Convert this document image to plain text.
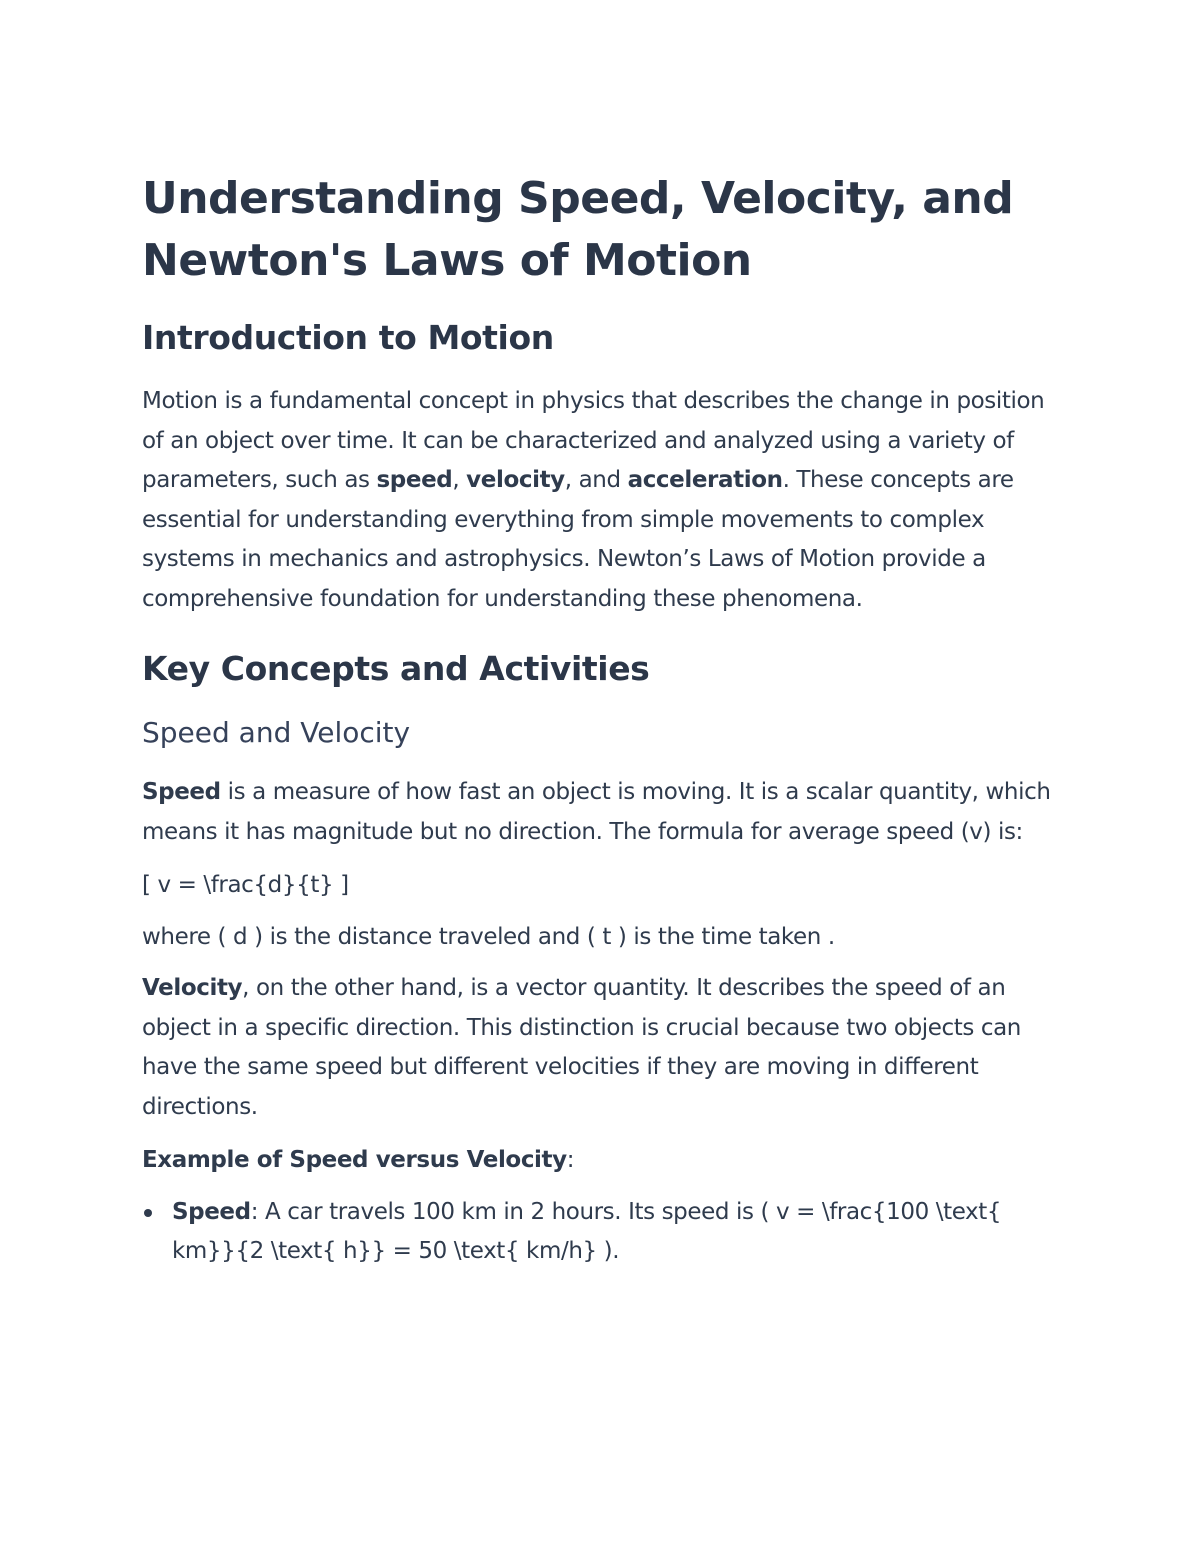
Understanding Speed, Velocity, and Newton's Laws of Motion
Introduction to Motion

Motion is a fundamental concept in physics that describes the change in position of an object over time. It can be characterized and analyzed using a variety of parameters, such as speed, velocity, and acceleration. These concepts are essential for understanding everything from simple movements to complex systems in mechanics and astrophysics. Newton’s Laws of Motion provide a comprehensive foundation for understanding these phenomena.

Key Concepts and Activities
Speed and Velocity

Speed is a measure of how fast an object is moving. It is a scalar quantity, which means it has magnitude but no direction. The formula for average speed (v) is:

[ v = \frac{d}{t} ]

where ( d ) is the distance traveled and ( t ) is the time taken .

Velocity, on the other hand, is a vector quantity. It describes the speed of an object in a specific direction. This distinction is crucial because two objects can have the same speed but different velocities if they are moving in different directions.

Example of Speed versus Velocity:

Speed: A car travels 100 km in 2 hours. Its speed is ( v = \frac{100 \text{ km}}{2 \text{ h}} = 50 \text{ km/h} ).
